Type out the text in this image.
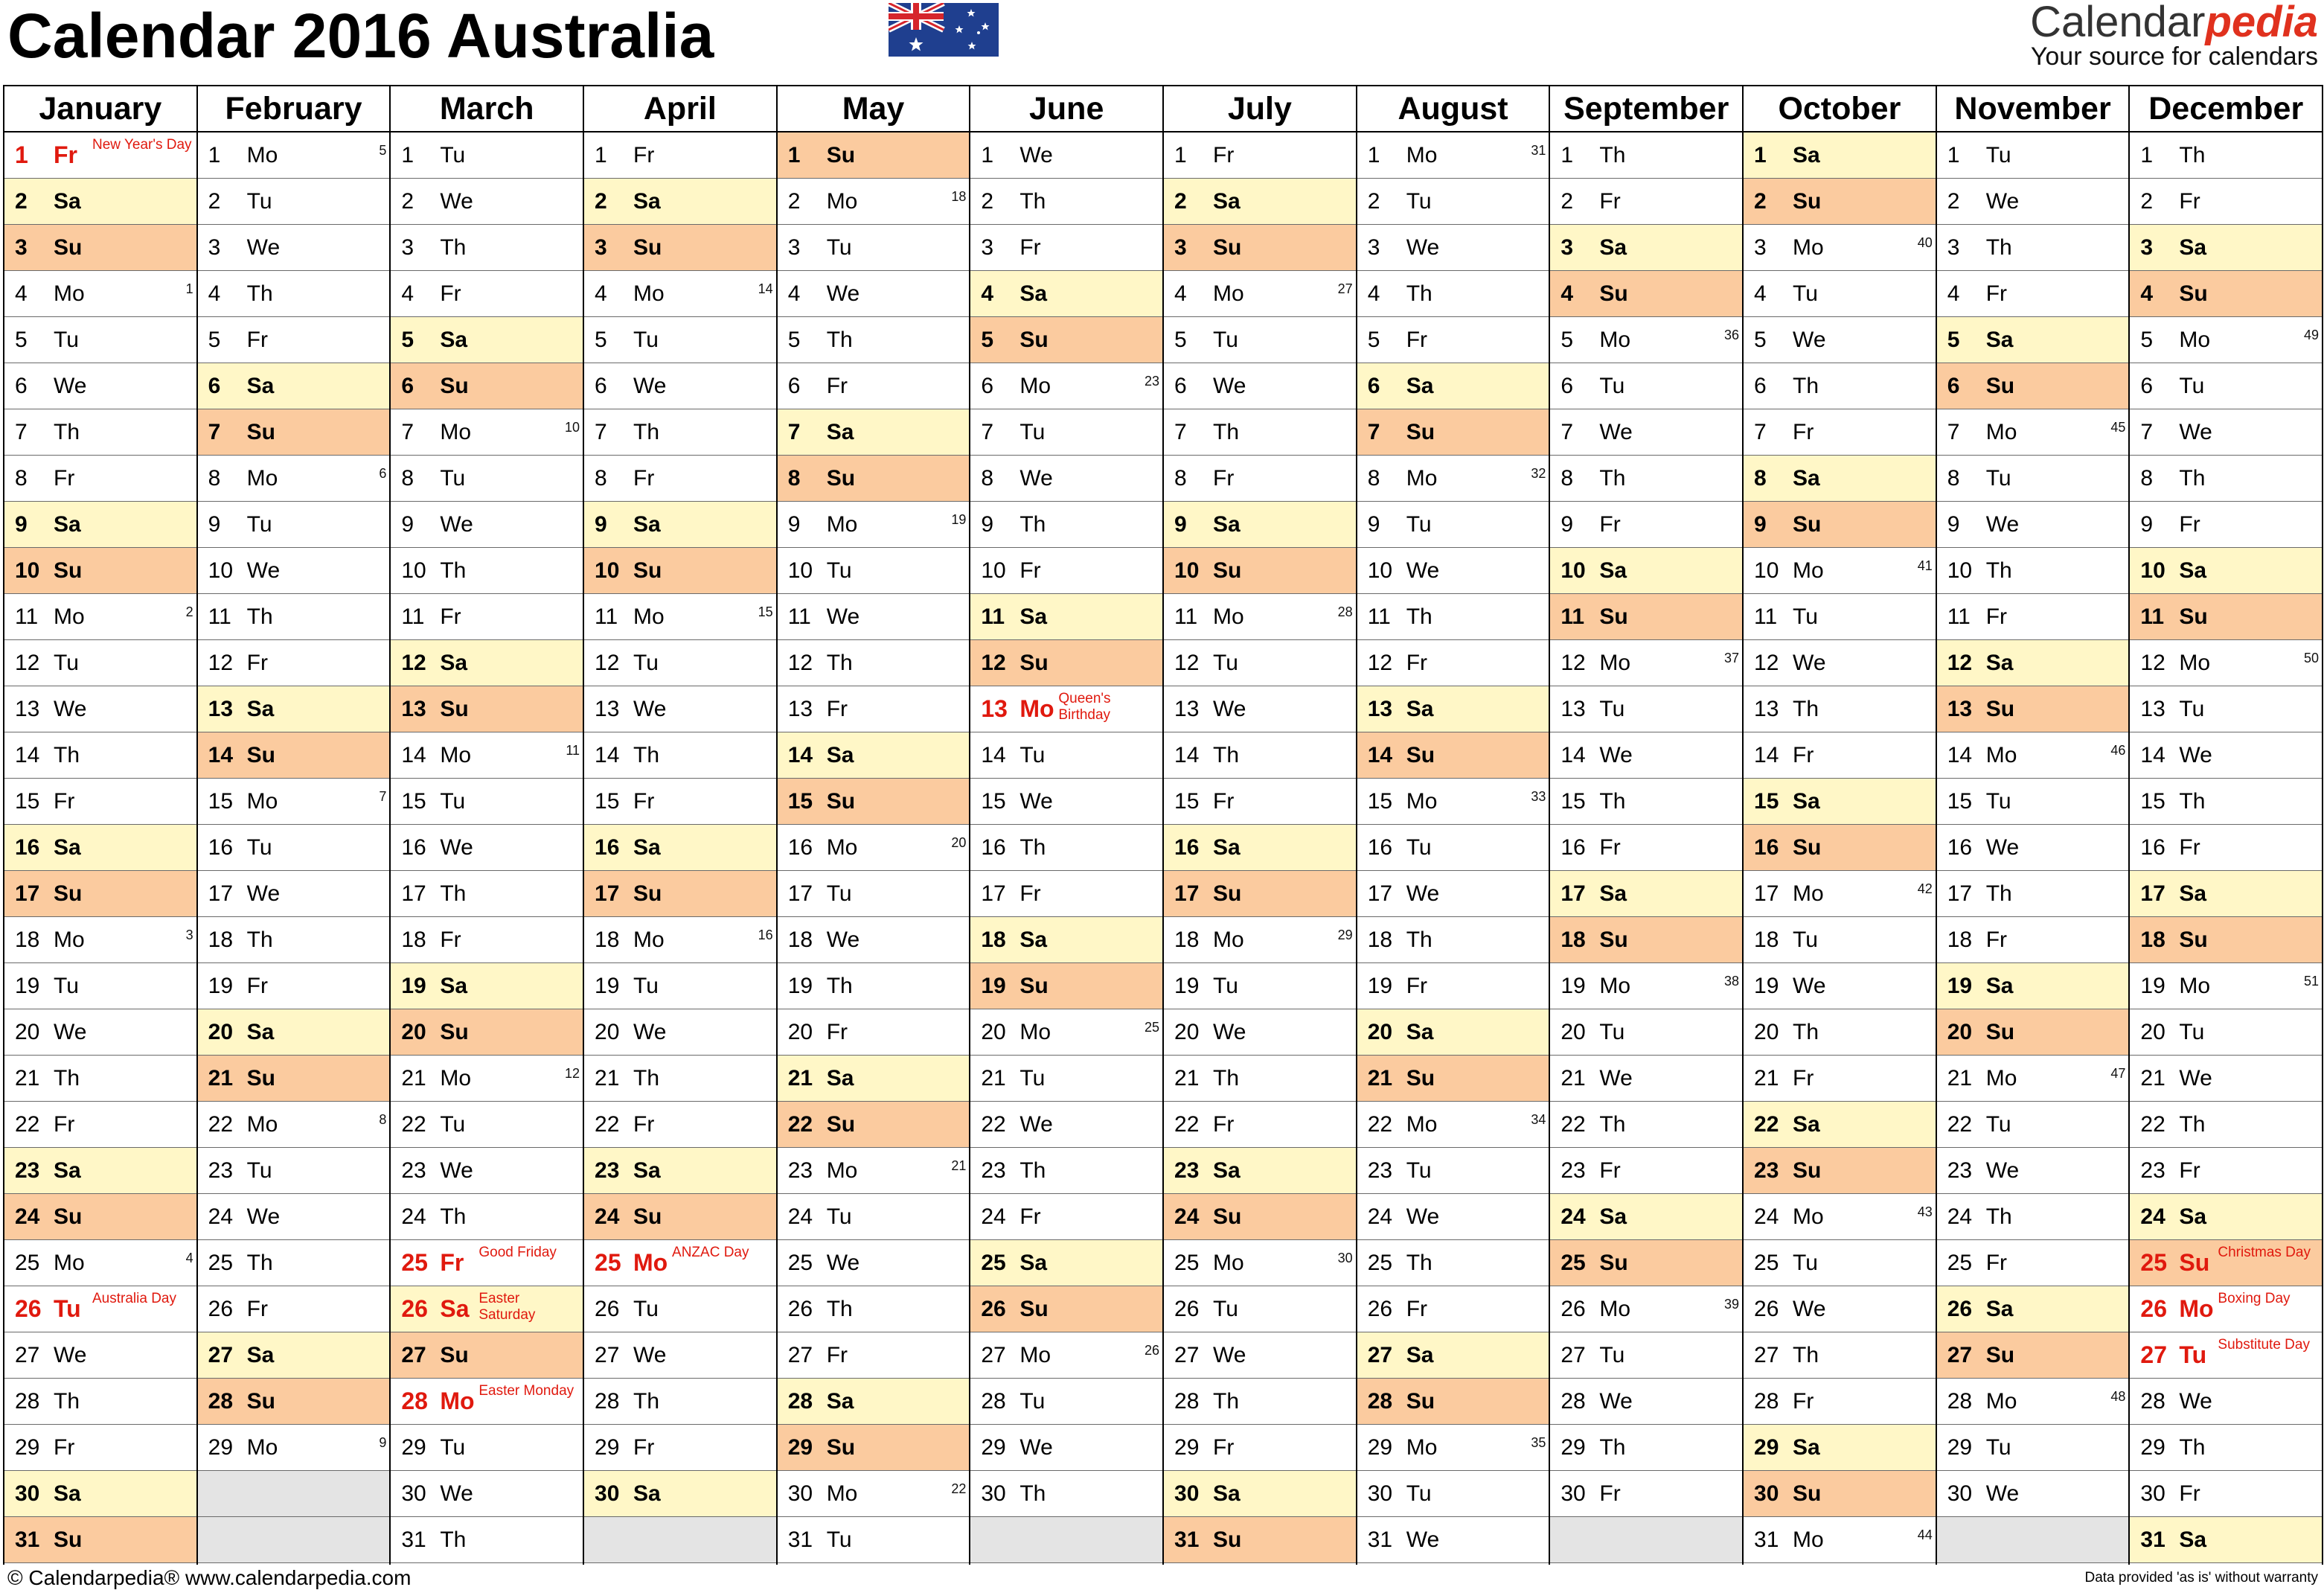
Calendar 2016 Australia	Calendarpedia
Your source for calendars
January
1	Fr New Year's Day
2	Sa
3	Su
4	Mo	1
5	Tu
6	We
7	Th
8	Fr
9	Sa
10 Su
11 Mo	2
12 Tu
13 We
14 Th
15 Fr
16 Sa
17 Su
18 Mo	3
19 Tu
20 We
21 Th
22 Fr
23 Sa
24 Su
25 Mo	4
26 Tu Australia Day
27 We
28 Th
29 Fr
30 Sa
31 Su
February
1	Mo	5
2	Tu
3	We
4	Th
5	Fr
6	Sa
7	Su
8	Mo	6
9	Tu
10 We
11 Th
12 Fr
13 Sa
14 Su
15 Mo	7
16 Tu
17 We
18 Th
19 Fr
20 Sa
21 Su
22 Mo	8
23 Tu
24 We
25 Th
26 Fr
27 Sa
28 Su
29 Mo	9
March
1	Tu
2	We
3	Th
4	Fr
5	Sa
6	Su
7	Mo	10
8	Tu
9	We
10 Th
11 Fr
12 Sa
13 Su
14 Mo	11
15 Tu
16 We
17 Th
18 Fr
19 Sa
20 Su
21 Mo	12
22 Tu
23 We
24 Th
25 Fr Good Friday
26 Sa Easter Saturday
27 Su
28 Mo Easter Monday
29 Tu
30 We
31 Th
April
1	Fr
2	Sa
3	Su
4	Mo	14
5	Tu
6	We
7	Th
8	Fr
9	Sa
10 Su
11 Mo	15
12 Tu
13 We
14 Th
15 Fr
16 Sa
17 Su
18 Mo	16
19 Tu
20 We
21 Th
22 Fr
23 Sa
24 Su
25 Mo ANZAC Day
26 Tu
27 We
28 Th
29 Fr
30 Sa
May
1	Su
2	Mo	18
3	Tu
4	We
5	Th
6	Fr
7	Sa
8	Su
9	Mo	19
10 Tu
11 We
12 Th
13 Fr
14 Sa
15 Su
16 Mo	20
17 Tu
18 We
19 Th
20 Fr
21 Sa
22 Su
23 Mo	21
24 Tu
25 We
26 Th
27 Fr
28 Sa
29 Su
30 Mo	22
31 Tu
June
1	We
2	Th
3	Fr
4	Sa
5	Su
6	Mo	23
7	Tu
8	We
9	Th
10 Fr
11 Sa
12 Su
13 Mo Queen's Birthday
14 Tu
15 We
16 Th
17 Fr
18 Sa
19 Su
20 Mo	25
21 Tu
22 We
23 Th
24 Fr
25 Sa
26 Su
27 Mo	26
28 Tu
29 We
30 Th
July
1	Fr
2	Sa
3	Su
4	Mo	27
5	Tu
6	We
7	Th
8	Fr
9	Sa
10 Su
11 Mo	28
12 Tu
13 We
14 Th
15 Fr
16 Sa
17 Su
18 Mo	29
19 Tu
20 We
21 Th
22 Fr
23 Sa
24 Su
25 Mo	30
26 Tu
27 We
28 Th
29 Fr
30 Sa
31 Su
August
1	Mo	31
2	Tu
3	We
4	Th
5	Fr
6	Sa
7	Su
8	Mo	32
9	Tu
10 We
11 Th
12 Fr
13 Sa
14 Su
15 Mo	33
16 Tu
17 We
18 Th
19 Fr
20 Sa
21 Su
22 Mo	34
23 Tu
24 We
25 Th
26 Fr
27 Sa
28 Su
29 Mo	35
30 Tu
31 We
September
1	Th
2	Fr
3	Sa
4	Su
5	Mo	36
6	Tu
7	We
8	Th
9	Fr
10 Sa
11 Su
12 Mo	37
13 Tu
14 We
15 Th
16 Fr
17 Sa
18 Su
19 Mo	38
20 Tu
21 We
22 Th
23 Fr
24 Sa
25 Su
26 Mo	39
27 Tu
28 We
29 Th
30 Fr
October
1	Sa
2	Su
3	Mo	40
4	Tu
5	We
6	Th
7	Fr
8	Sa
9	Su
10 Mo	41
11 Tu
12 We
13 Th
14 Fr
15 Sa
16 Su
17 Mo	42
18 Tu
19 We
20 Th
21 Fr
22 Sa
23 Su
24 Mo	43
25 Tu
26 We
27 Th
28 Fr
29 Sa
30 Su
31 Mo	44
November
1	Tu
2	We
3	Th
4	Fr
5	Sa
6	Su
7	Mo	45
8	Tu
9	We
10 Th
11 Fr
12 Sa
13 Su
14 Mo	46
15 Tu
16 We
17 Th
18 Fr
19 Sa
20 Su
21 Mo	47
22 Tu
23 We
24 Th
25 Fr
26 Sa
27 Su
28 Mo	48
29 Tu
30 We
December
1	Th
2	Fr
3	Sa
4	Su
5	Mo	49
6	Tu
7	We
8	Th
9	Fr
10 Sa
11 Su
12 Mo	50
13 Tu
14 We
15 Th
16 Fr
17 Sa
18 Su
19 Mo	51
20 Tu
21 We
22 Th
23 Fr
24 Sa
25 Su Christmas Day
26 Mo Boxing Day
27 Tu Substitute Day
28 We
29 Th
30 Fr
31 Sa
© Calendarpedia® www.calendarpedia.com	Data provided 'as is' without warranty
